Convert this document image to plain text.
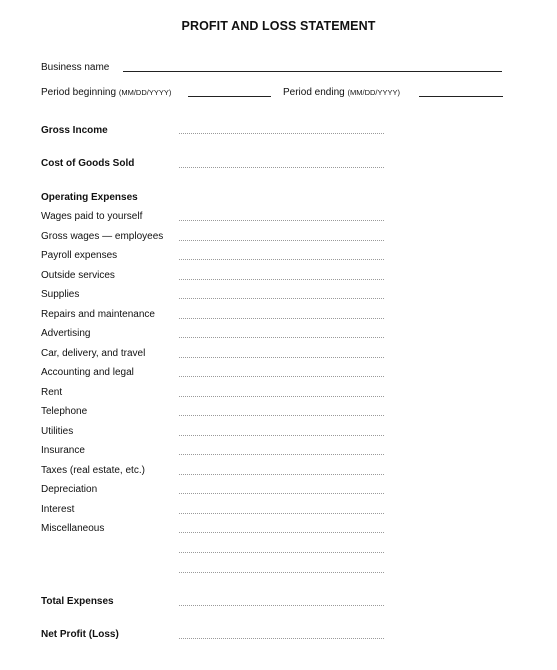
PROFIT AND LOSS STATEMENT
Business name
Period beginning (MM/DD/YYYY)	Period ending (MM/DD/YYYY)
Gross Income
Cost of Goods Sold
Operating Expenses
Wages paid to yourself
Gross wages — employees
Payroll expenses
Outside services
Supplies
Repairs and maintenance
Advertising
Car, delivery, and travel
Accounting and legal
Rent
Telephone
Utilities
Insurance
Taxes (real estate, etc.)
Depreciation
Interest
Miscellaneous
Total Expenses
Net Profit (Loss)
